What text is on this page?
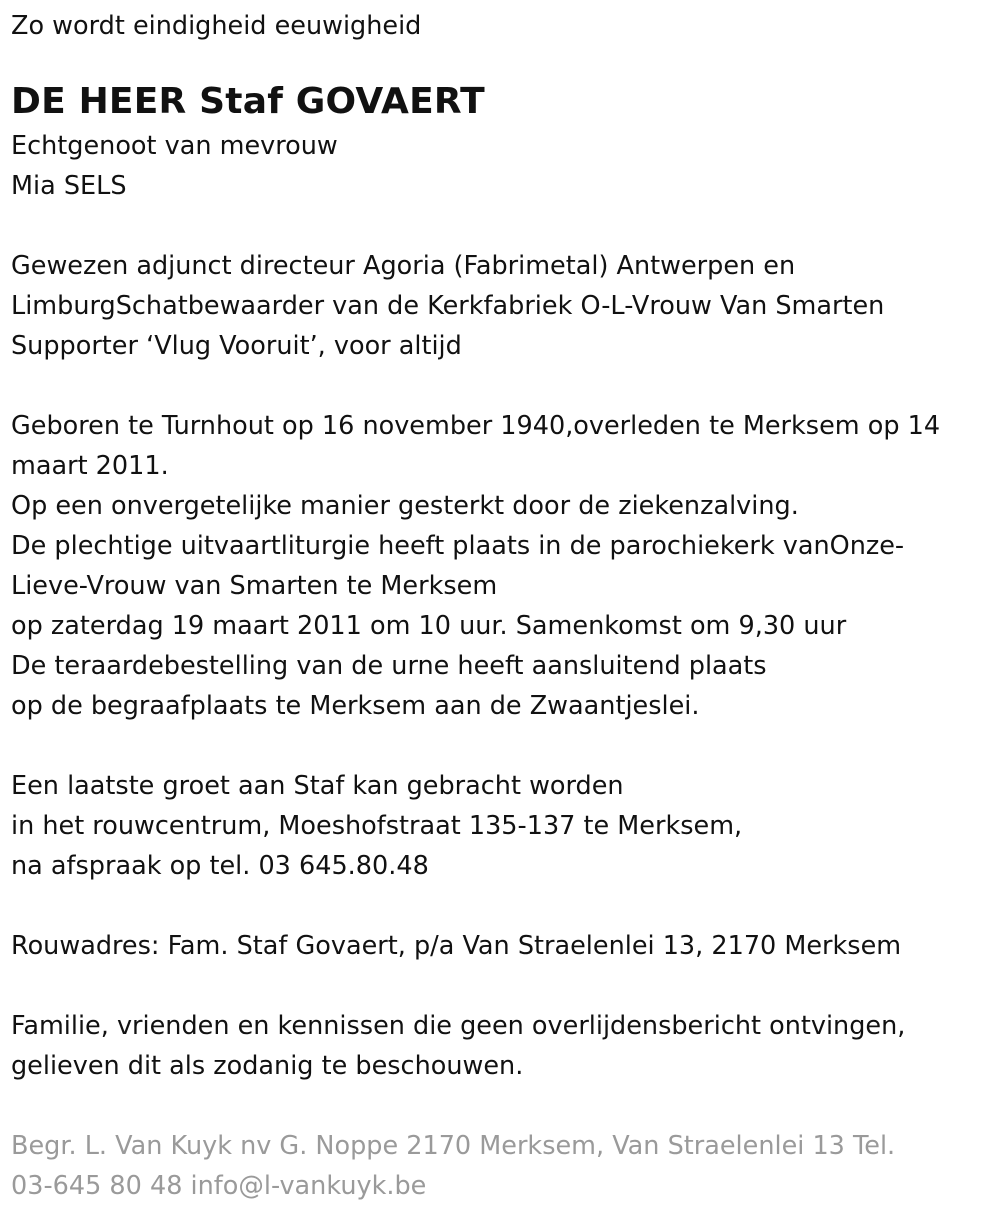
Zo wordt eindigheid eeuwigheid
DE HEER Staf GOVAERT
Echtgenoot van mevrouw
Mia SELS
Gewezen adjunct directeur Agoria (Fabrimetal) Antwerpen en
LimburgSchatbewaarder van de Kerkfabriek O-L-Vrouw Van Smarten
Supporter ‘Vlug Vooruit’, voor altijd
Geboren te Turnhout op 16 november 1940,overleden te Merksem op 14
maart 2011.
Op een onvergetelijke manier gesterkt door de ziekenzalving.
De plechtige uitvaartliturgie heeft plaats in de parochiekerk vanOnze-
Lieve-Vrouw van Smarten te Merksem
op zaterdag 19 maart 2011 om 10 uur. Samenkomst om 9,30 uur
De teraardebestelling van de urne heeft aansluitend plaats
op de begraafplaats te Merksem aan de Zwaantjeslei.
Een laatste groet aan Staf kan gebracht worden
in het rouwcentrum, Moeshofstraat 135-137 te Merksem,
na afspraak op tel. 03 645.80.48
Rouwadres: Fam. Staf Govaert, p/a Van Straelenlei 13, 2170 Merksem
Familie, vrienden en kennissen die geen overlijdensbericht ontvingen,
gelieven dit als zodanig te beschouwen.
Begr. L. Van Kuyk nv G. Noppe 2170 Merksem, Van Straelenlei 13 Tel.
03-645 80 48 info@l-vankuyk.be
